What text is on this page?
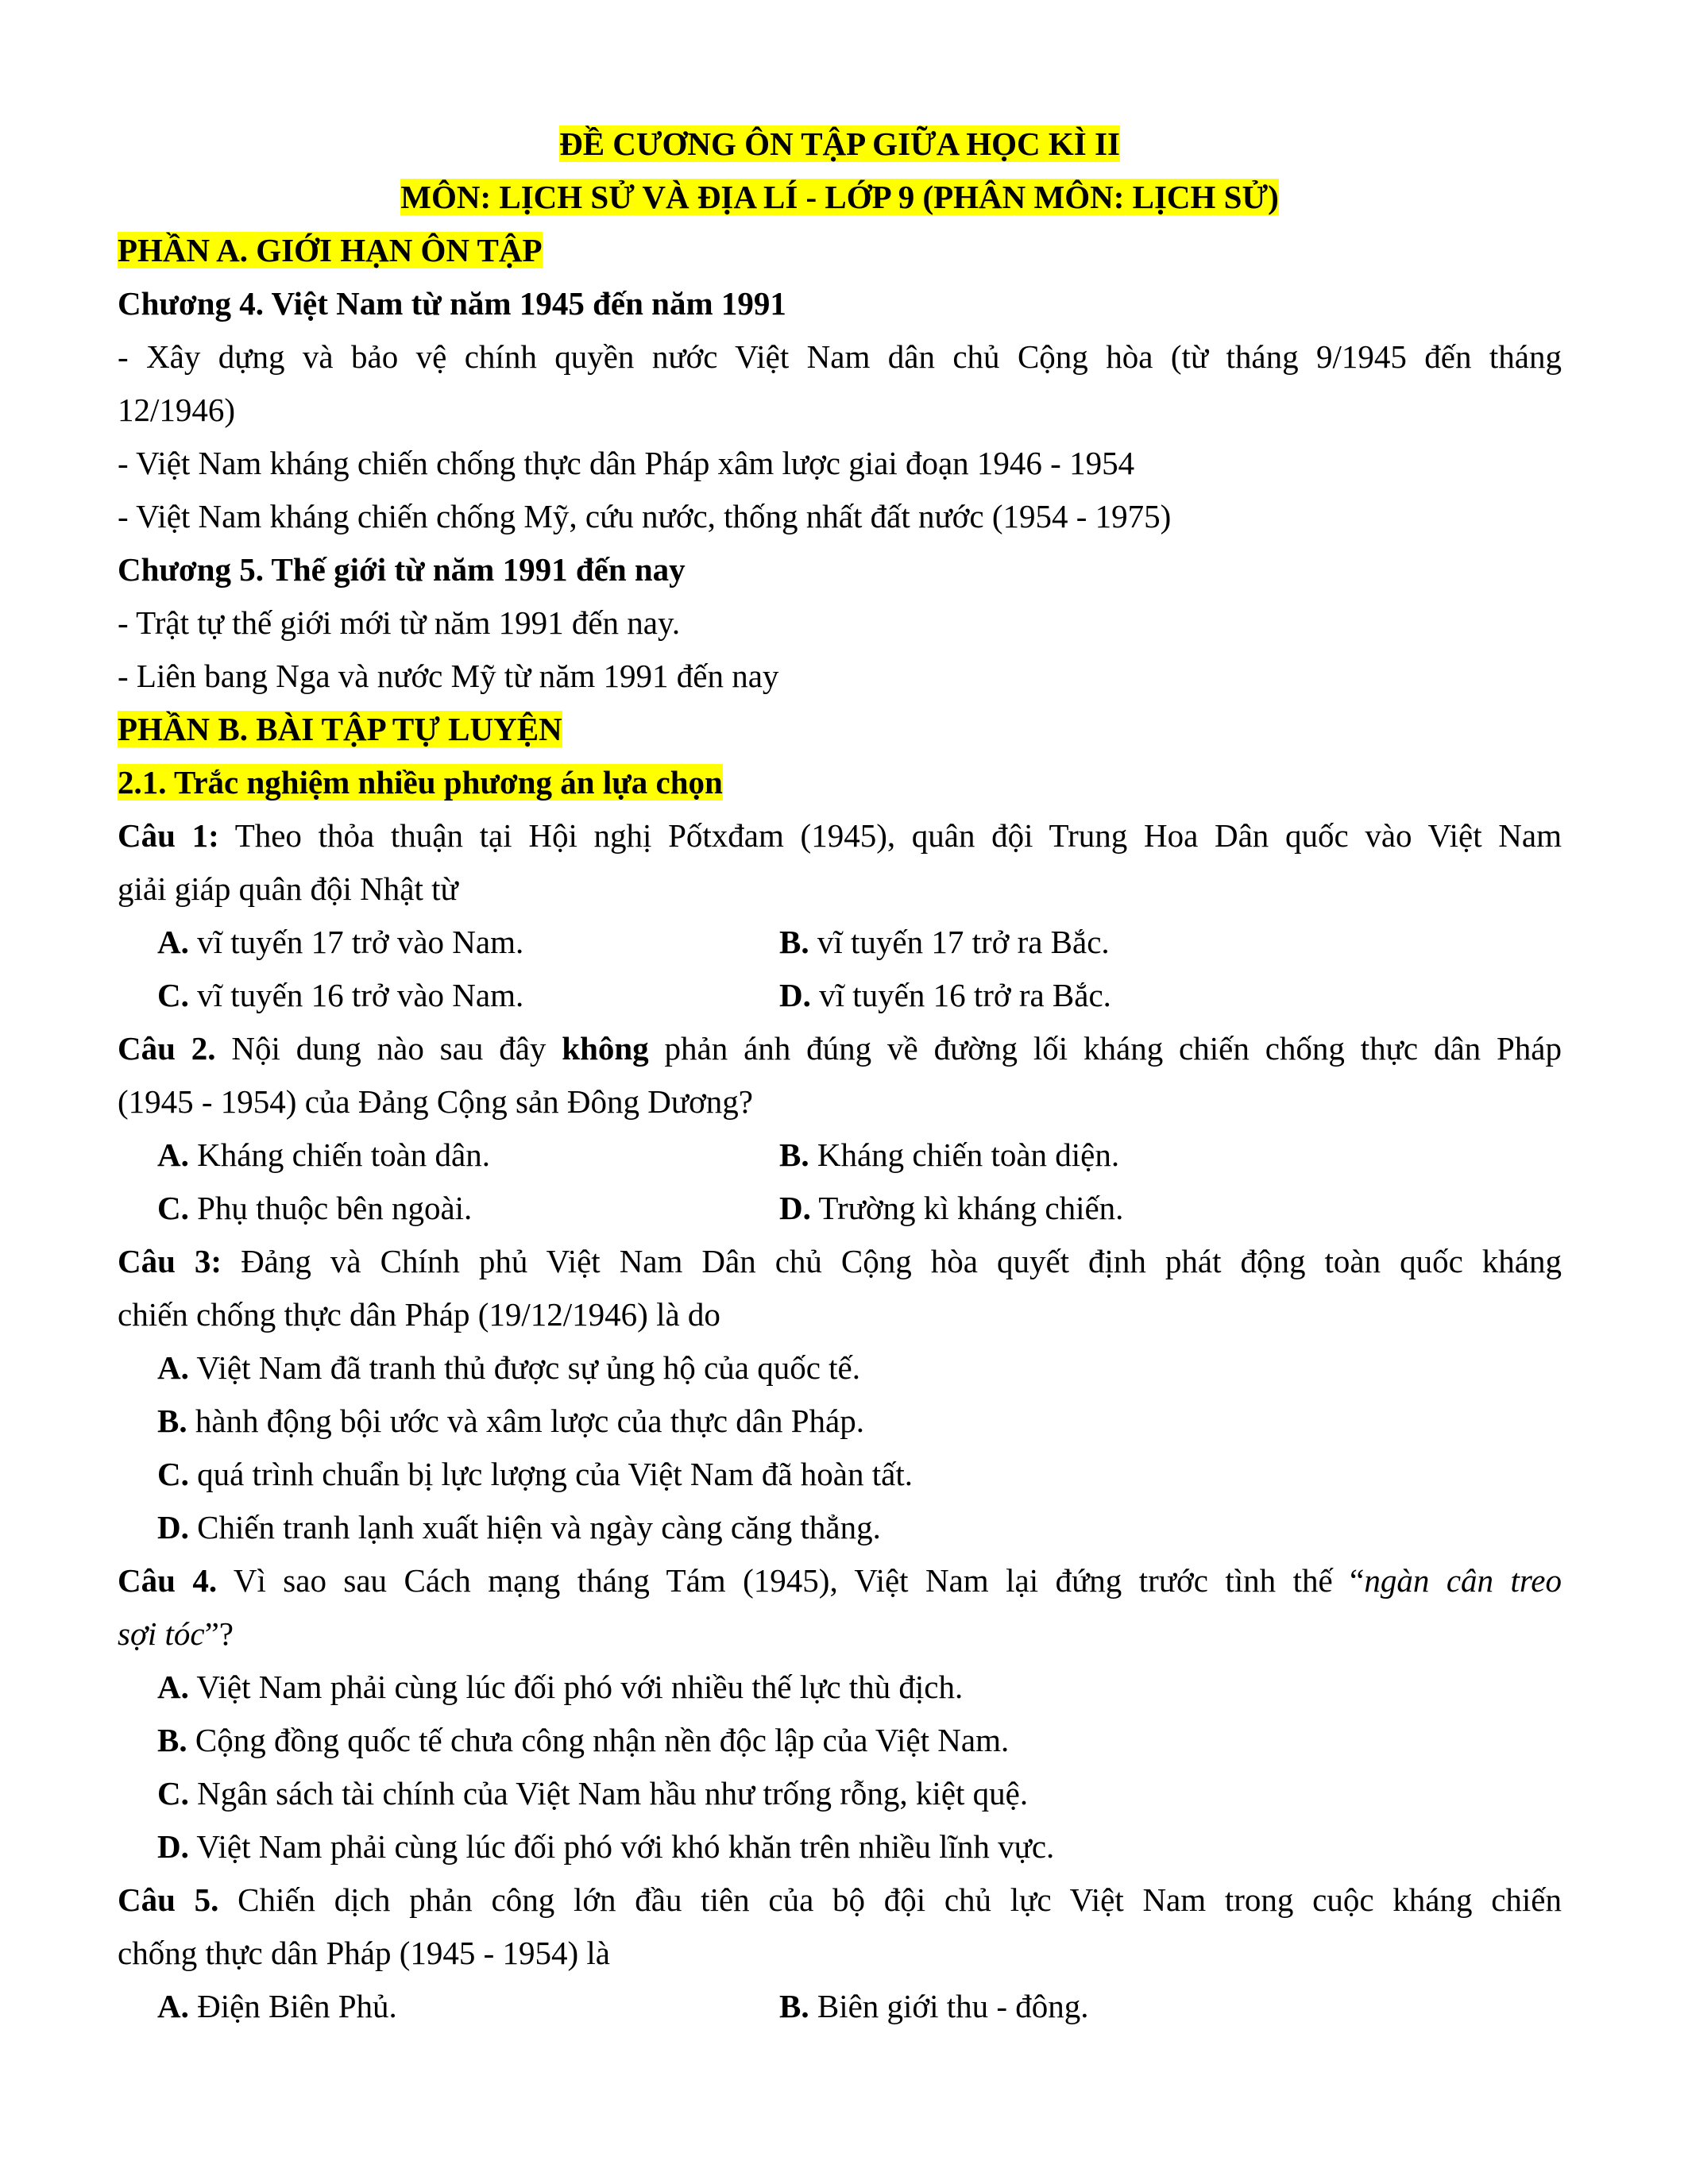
ĐỀ CƯƠNG ÔN TẬP GIỮA HỌC KÌ II
MÔN: LỊCH SỬ VÀ ĐỊA LÍ - LỚP 9 (PHÂN MÔN: LỊCH SỬ)
PHẦN A. GIỚI HẠN ÔN TẬP
Chương 4. Việt Nam từ năm 1945 đến năm 1991
- Xây dựng và bảo vệ chính quyền nước Việt Nam dân chủ Cộng hòa (từ tháng 9/1945 đến tháng
12/1946)
- Việt Nam kháng chiến chống thực dân Pháp xâm lược giai đoạn 1946 - 1954
- Việt Nam kháng chiến chống Mỹ, cứu nước, thống nhất đất nước (1954 - 1975)
Chương 5. Thế giới từ năm 1991 đến nay
- Trật tự thế giới mới từ năm 1991 đến nay.
- Liên bang Nga và nước Mỹ từ năm 1991 đến nay
PHẦN B. BÀI TẬP TỰ LUYỆN
2.1. Trắc nghiệm nhiều phương án lựa chọn
Câu 1: Theo thỏa thuận tại Hội nghị Pốtxđam (1945), quân đội Trung Hoa Dân quốc vào Việt Nam
giải giáp quân đội Nhật từ
A. vĩ tuyến 17 trở vào Nam.	B. vĩ tuyến 17 trở ra Bắc.
C. vĩ tuyến 16 trở vào Nam.	D. vĩ tuyến 16 trở ra Bắc.
Câu 2. Nội dung nào sau đây không phản ánh đúng về đường lối kháng chiến chống thực dân Pháp
(1945 - 1954) của Đảng Cộng sản Đông Dương?
A. Kháng chiến toàn dân.	B. Kháng chiến toàn diện.
C. Phụ thuộc bên ngoài.	D. Trường kì kháng chiến.
Câu 3: Đảng và Chính phủ Việt Nam Dân chủ Cộng hòa quyết định phát động toàn quốc kháng
chiến chống thực dân Pháp (19/12/1946) là do
A. Việt Nam đã tranh thủ được sự ủng hộ của quốc tế.
B. hành động bội ước và xâm lược của thực dân Pháp.
C. quá trình chuẩn bị lực lượng của Việt Nam đã hoàn tất.
D. Chiến tranh lạnh xuất hiện và ngày càng căng thẳng.
Câu 4. Vì sao sau Cách mạng tháng Tám (1945), Việt Nam lại đứng trước tình thế “ngàn cân treo
sợi tóc”?
A. Việt Nam phải cùng lúc đối phó với nhiều thế lực thù địch.
B. Cộng đồng quốc tế chưa công nhận nền độc lập của Việt Nam.
C. Ngân sách tài chính của Việt Nam hầu như trống rỗng, kiệt quệ.
D. Việt Nam phải cùng lúc đối phó với khó khăn trên nhiều lĩnh vực.
Câu 5. Chiến dịch phản công lớn đầu tiên của bộ đội chủ lực Việt Nam trong cuộc kháng chiến
chống thực dân Pháp (1945 - 1954) là
A. Điện Biên Phủ.	B. Biên giới thu - đông.
